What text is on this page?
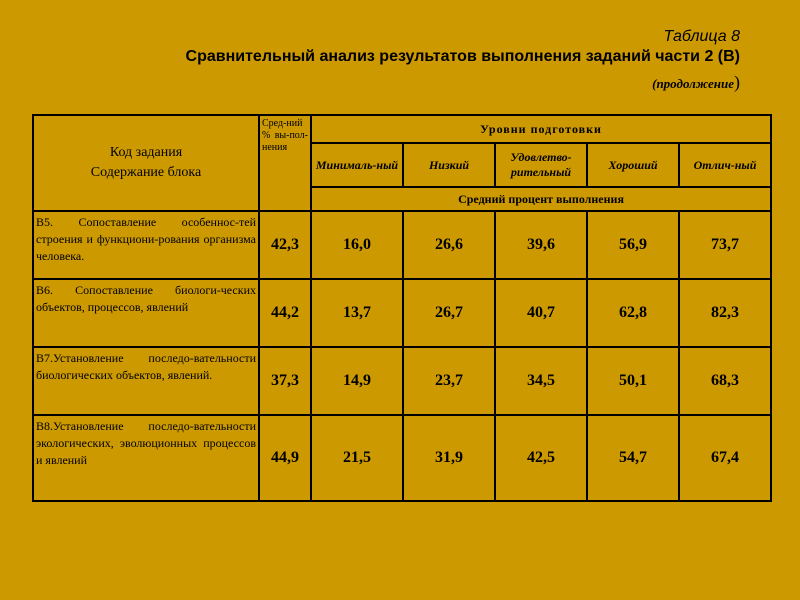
Таблица 8
Сравнительный анализ результатов выполнения заданий части 2 (В)
(продолжение)
Код задания
Содержание блока	Сред-ний % вы-пол-нения	Уровни подготовки				
		Минималь-ный	Низкий	Удовлетво-рительный	Хороший	Отлич-ный
		Средний процент выполнения				
В5. Сопоставление особеннос-тей строения и функциони-рования организма человека.	42,3	16,0	26,6	39,6	56,9	73,7
В6. Сопоставление биологи-ческих объектов, процессов, явлений	44,2	13,7	26,7	40,7	62,8	82,3
В7.Установление последо-вательности биологических объектов, явлений.	37,3	14,9	23,7	34,5	50,1	68,3
В8.Установление последо-вательности экологических, эволюционных процессов и явлений	44,9	21,5	31,9	42,5	54,7	67,4
